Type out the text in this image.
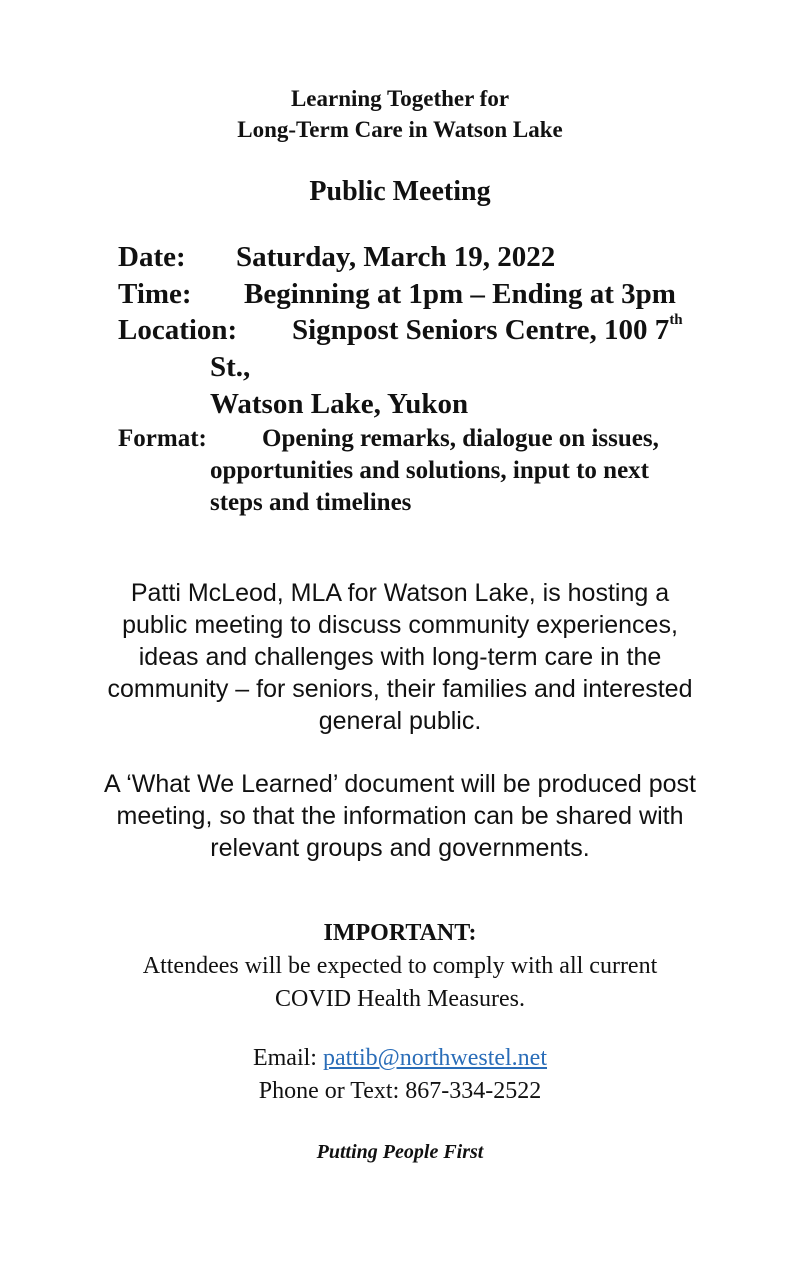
Learning Together for
Long-Term Care in Watson Lake
Public Meeting
Date: Saturday, March 19, 2022
Time: Beginning at 1pm – Ending at 3pm
Location: Signpost Seniors Centre, 100 7th
St.,
Watson Lake, Yukon
Format: Opening remarks, dialogue on issues,
opportunities and solutions, input to next
steps and timelines
Patti McLeod, MLA for Watson Lake, is hosting a
public meeting to discuss community experiences,
ideas and challenges with long-term care in the
community – for seniors, their families and interested
general public.
A ‘What We Learned’ document will be produced post
meeting, so that the information can be shared with
relevant groups and governments.
IMPORTANT:
Attendees will be expected to comply with all current
COVID Health Measures.
Email: pattib@northwestel.net
Phone or Text: 867-334-2522
Putting People First
